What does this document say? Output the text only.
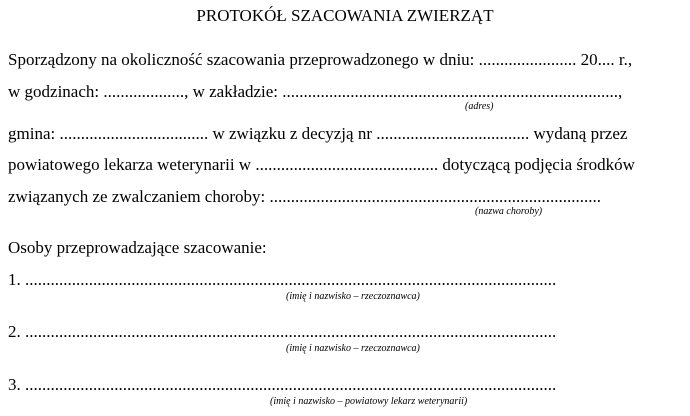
PROTOKÓŁ SZACOWANIA ZWIERZĄT
Sporządzony na okoliczność szacowania przeprowadzonego w dniu: ....................... 20.... r.,
w godzinach: ..................., w zakładzie: ...............................................................................,
(adres)
gmina: ................................... w związku z decyzją nr .................................... wydaną przez
powiatowego lekarza weterynarii w ........................................... dotyczącą podjęcia środków
związanych ze zwalczaniem choroby: ..............................................................................
(nazwa choroby)
Osoby przeprowadzające szacowanie:
1. .............................................................................................................................
(imię i nazwisko – rzeczoznawca)
2. .............................................................................................................................
(imię i nazwisko – rzeczoznawca)
3. .............................................................................................................................
(imię i nazwisko – powiatowy lekarz weterynarii)
